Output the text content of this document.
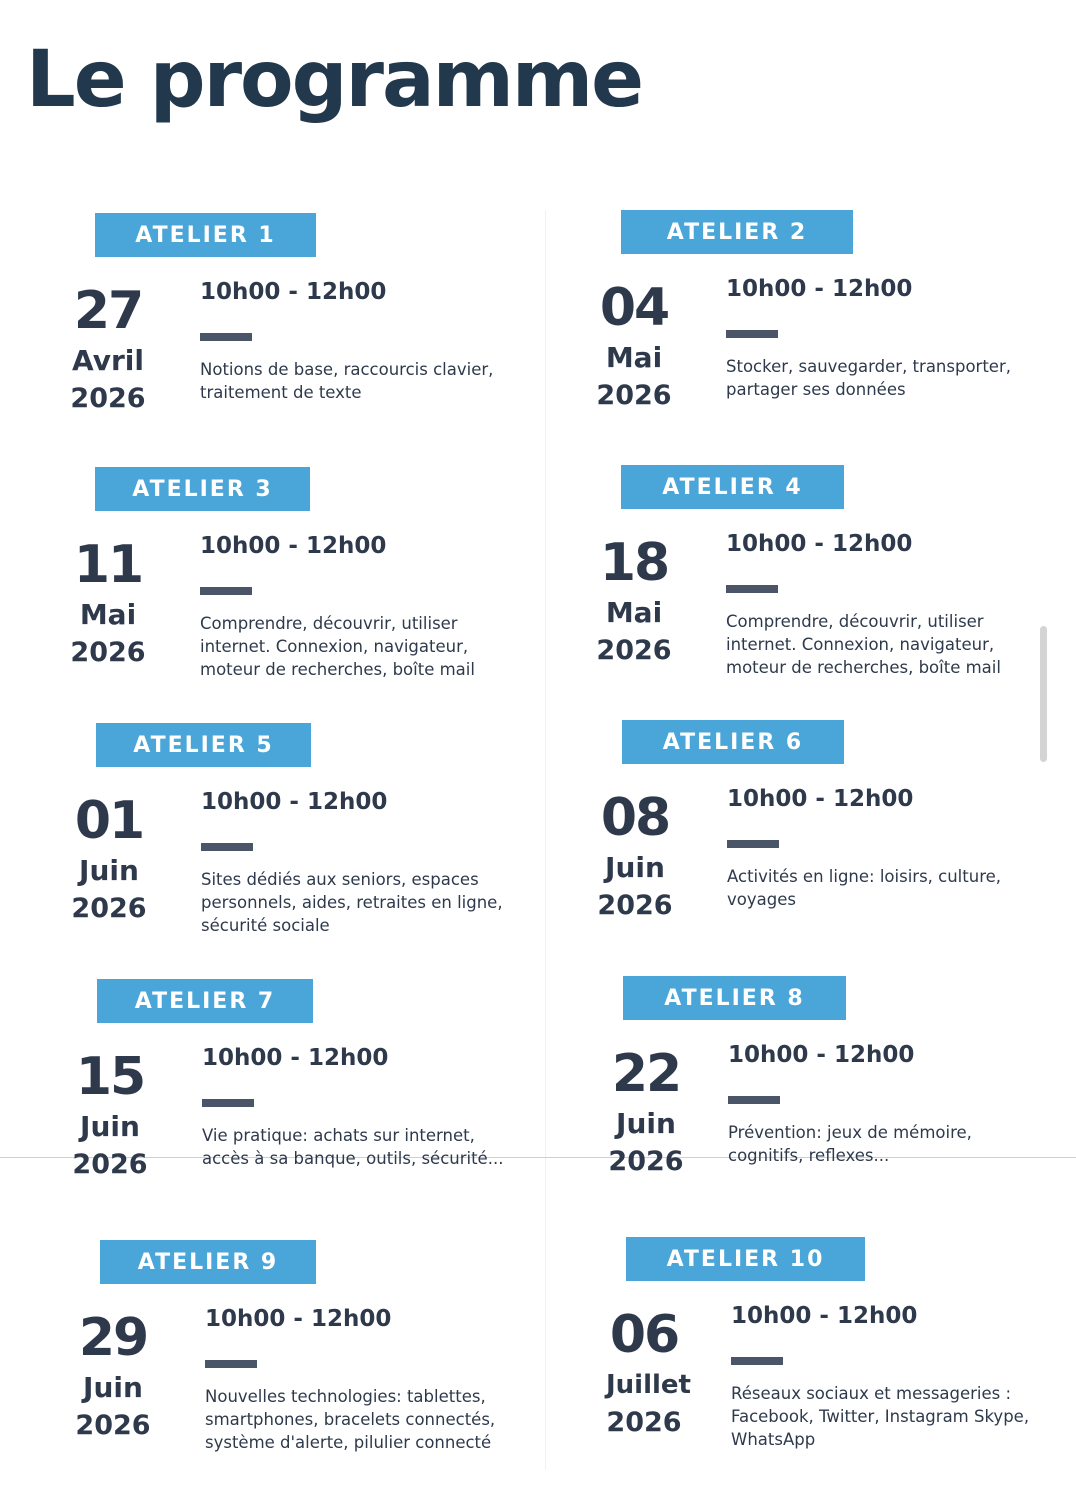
Le programme
ATELIER 1
27
Avril
2026
10h00 - 12h00
Notions de base, raccourcis clavier, traitement de texte
ATELIER 2
04
Mai
2026
10h00 - 12h00
Stocker, sauvegarder, transporter, partager ses données
ATELIER 3
11
Mai
2026
10h00 - 12h00
Comprendre, découvrir, utiliser internet. Connexion, navigateur, moteur de recherches, boîte mail
ATELIER 4
18
Mai
2026
10h00 - 12h00
Comprendre, découvrir, utiliser internet. Connexion, navigateur, moteur de recherches, boîte mail
ATELIER 5
01
Juin
2026
10h00 - 12h00
Sites dédiés aux seniors, espaces personnels, aides, retraites en ligne, sécurité sociale
ATELIER 6
08
Juin
2026
10h00 - 12h00
Activités en ligne: loisirs, culture, voyages
ATELIER 7
15
Juin
2026
10h00 - 12h00
Vie pratique: achats sur internet, accès à sa banque, outils, sécurité...
ATELIER 8
22
Juin
2026
10h00 - 12h00
Prévention: jeux de mémoire, cognitifs, reflexes...
ATELIER 9
29
Juin
2026
10h00 - 12h00
Nouvelles technologies: tablettes, smartphones, bracelets connectés, système d'alerte, pilulier connecté
ATELIER 10
06
Juillet
2026
10h00 - 12h00
Réseaux sociaux et messageries : Facebook, Twitter, Instagram Skype, WhatsApp
